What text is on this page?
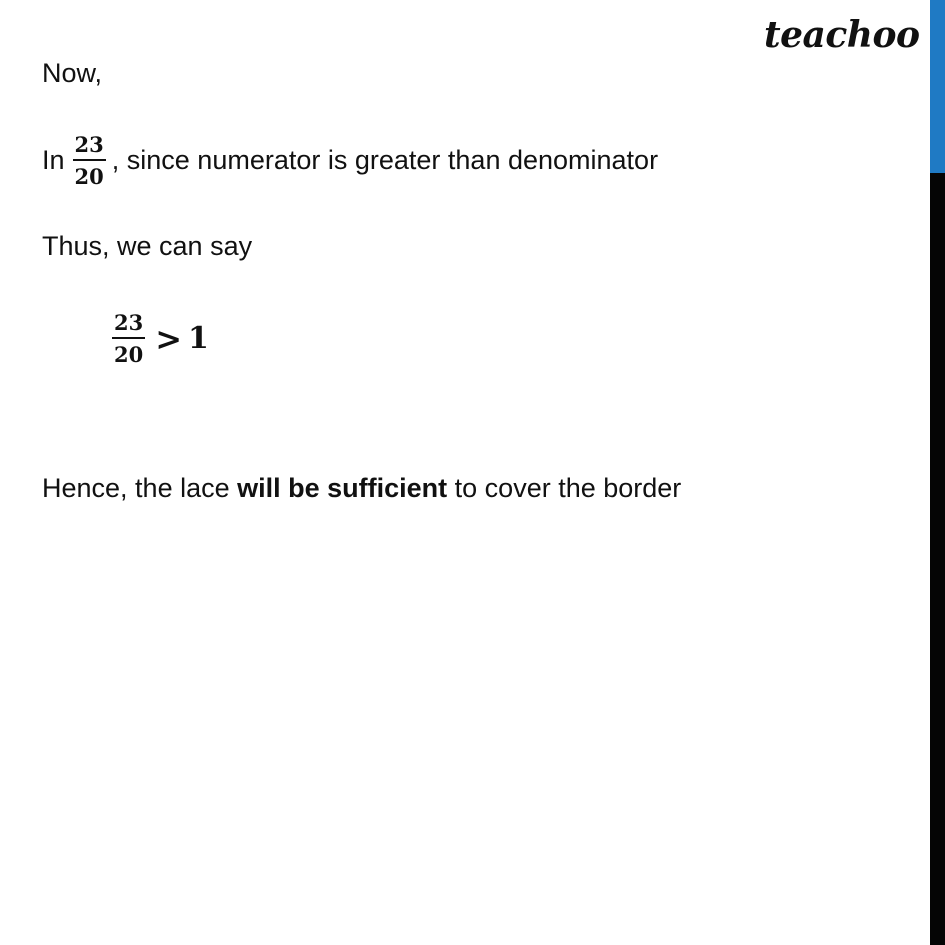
teachoo
Now,
In $\frac{23}{20}$ , since numerator is greater than denominator
Thus, we can say
$\frac{23}{20} > 1$
Hence, the lace will be sufficient to cover the border
